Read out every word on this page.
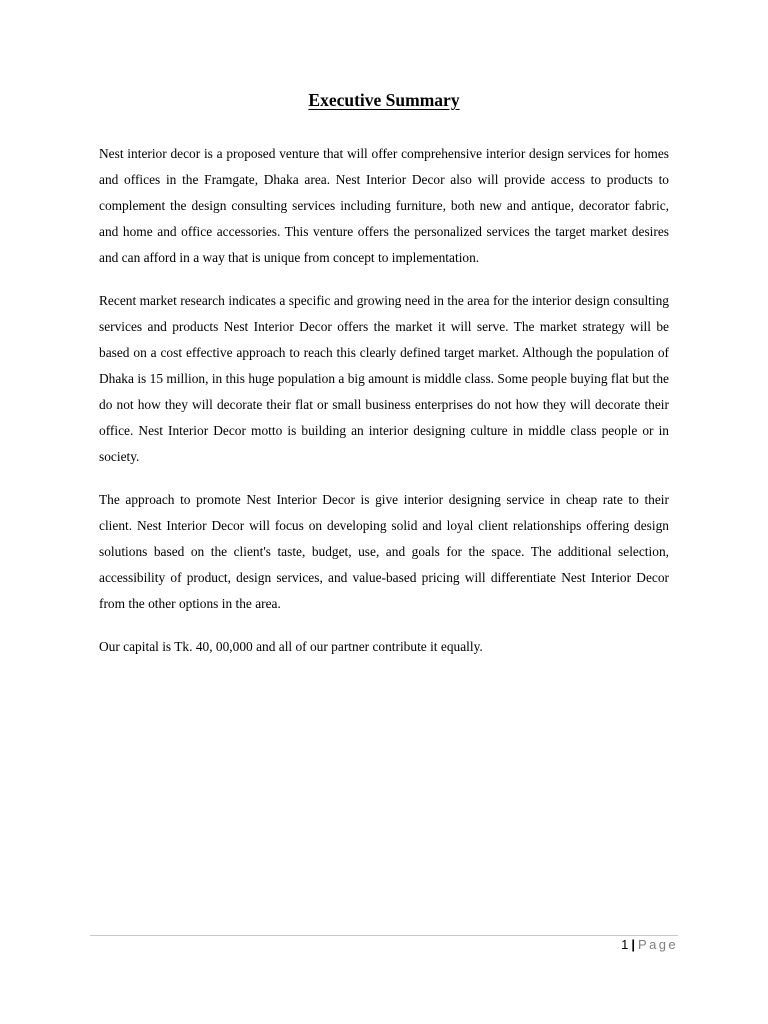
Executive Summary

Nest interior decor is a proposed venture that will offer comprehensive interior design services for homes and offices in the Framgate, Dhaka area. Nest Interior Decor also will provide access to products to complement the design consulting services including furniture, both new and antique, decorator fabric, and home and office accessories. This venture offers the personalized services the target market desires and can afford in a way that is unique from concept to implementation.

Recent market research indicates a specific and growing need in the area for the interior design consulting services and products Nest Interior Decor offers the market it will serve. The market strategy will be based on a cost effective approach to reach this clearly defined target market. Although the population of Dhaka is 15 million, in this huge population a big amount is middle class. Some people buying flat but the do not how they will decorate their flat or small business enterprises do not how they will decorate their office. Nest Interior Decor motto is building an interior designing culture in middle class people or in society.

The approach to promote Nest Interior Decor is give interior designing service in cheap rate to their client. Nest Interior Decor will focus on developing solid and loyal client relationships offering design solutions based on the client's taste, budget, use, and goals for the space. The additional selection, accessibility of product, design services, and value-based pricing will differentiate Nest Interior Decor from the other options in the area.

Our capital is Tk. 40, 00,000 and all of our partner contribute it equally.

1 | Page
